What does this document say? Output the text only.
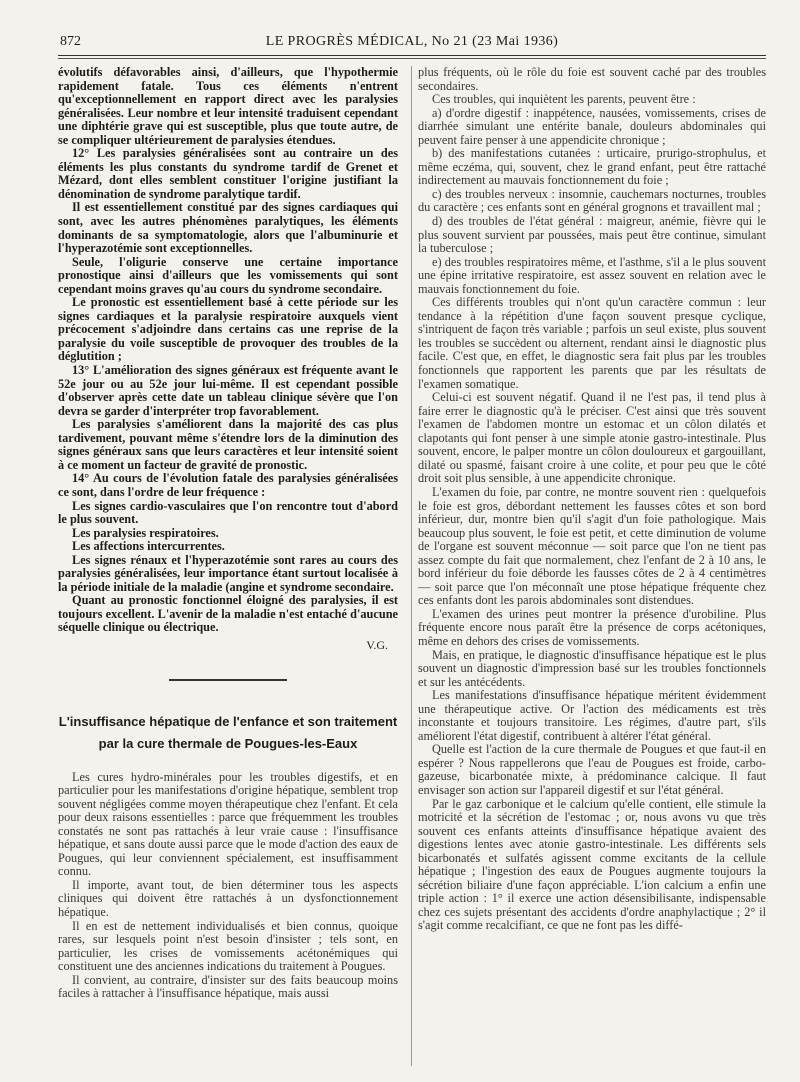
872	LE PROGRÈS MÉDICAL, No 21 (23 Mai 1936)

évolutifs défavorables ainsi, d'ailleurs, que l'hypothermie rapidement fatale. Tous ces éléments n'entrent qu'exceptionnellement en rapport direct avec les paralysies généralisées. Leur nombre et leur intensité traduisent cependant une diphtérie grave qui est susceptible, plus que toute autre, de se compliquer ultérieurement de paralysies étendues.

12° Les paralysies généralisées sont au contraire un des éléments les plus constants du syndrome tardif de Grenet et Mézard, dont elles semblent constituer l'origine justifiant la dénomination de syndrome paralytique tardif.

Il est essentiellement constitué par des signes cardiaques qui sont, avec les autres phénomènes paralytiques, les éléments dominants de sa symptomatologie, alors que l'albuminurie et l'hyperazotémie sont exceptionnelles.

Seule, l'oligurie conserve une certaine importance pronostique ainsi d'ailleurs que les vomissements qui sont cependant moins graves qu'au cours du syndrome secondaire.

Le pronostic est essentiellement basé à cette période sur les signes cardiaques et la paralysie respiratoire auxquels vient précocement s'adjoindre dans certains cas une reprise de la paralysie du voile susceptible de provoquer des troubles de la déglutition ;

13° L'amélioration des signes généraux est fréquente avant le 52e jour ou au 52e jour lui-même. Il est cependant possible d'observer après cette date un tableau clinique sévère que l'on devra se garder d'interpréter trop favorablement.

Les paralysies s'améliorent dans la majorité des cas plus tardivement, pouvant même s'étendre lors de la diminution des signes généraux sans que leurs caractères et leur intensité soient à ce moment un facteur de gravité de pronostic.

14° Au cours de l'évolution fatale des paralysies généralisées ce sont, dans l'ordre de leur fréquence :

Les signes cardio-vasculaires que l'on rencontre tout d'abord le plus souvent.

Les paralysies respiratoires.

Les affections intercurrentes.

Les signes rénaux et l'hyperazotémie sont rares au cours des paralysies généralisées, leur importance étant surtout localisée à la période initiale de la maladie (angine et syndrome secondaire.

Quant au pronostic fonctionnel éloigné des paralysies, il est toujours excellent. L'avenir de la maladie n'est entaché d'aucune séquelle clinique ou électrique.

V.G.
L'insuffisance hépatique de l'enfance et son traitement

par la cure thermale de Pougues-les-Eaux

Les cures hydro-minérales pour les troubles digestifs, et en particulier pour les manifestations d'origine hépatique, semblent trop souvent négligées comme moyen thérapeutique chez l'enfant. Et cela pour deux raisons essentielles : parce que fréquemment les troubles constatés ne sont pas rattachés à leur vraie cause : l'insuffisance hépatique, et sans doute aussi parce que le mode d'action des eaux de Pougues, qui leur conviennent spécialement, est insuffisamment connu.

Il importe, avant tout, de bien déterminer tous les aspects cliniques qui doivent être rattachés à un dysfonctionnement hépatique.

Il en est de nettement individualisés et bien connus, quoique rares, sur lesquels point n'est besoin d'insister ; tels sont, en particulier, les crises de vomissements acétonémiques qui constituent une des anciennes indications du traitement à Pougues.

Il convient, au contraire, d'insister sur des faits beaucoup moins faciles à rattacher à l'insuffisance hépatique, mais aussi

plus fréquents, où le rôle du foie est souvent caché par des troubles secondaires.

Ces troubles, qui inquiètent les parents, peuvent être :

a) d'ordre digestif : inappétence, nausées, vomissements, crises de diarrhée simulant une entérite banale, douleurs abdominales qui peuvent faire penser à une appendicite chronique ;

b) des manifestations cutanées : urticaire, prurigo-strophulus, et même eczéma, qui, souvent, chez le grand enfant, peut être rattaché indirectement au mauvais fonctionnement du foie ;

c) des troubles nerveux : insomnie, cauchemars nocturnes, troubles du caractère ; ces enfants sont en général grognons et travaillent mal ;

d) des troubles de l'état général : maigreur, anémie, fièvre qui le plus souvent survient par poussées, mais peut être continue, simulant la tuberculose ;

e) des troubles respiratoires même, et l'asthme, s'il a le plus souvent une épine irritative respiratoire, est assez souvent en relation avec le mauvais fonctionnement du foie.

Ces différents troubles qui n'ont qu'un caractère commun : leur tendance à la répétition d'une façon souvent presque cyclique, s'intriquent de façon très variable ; parfois un seul existe, plus souvent les troubles se succèdent ou alternent, rendant ainsi le diagnostic plus facile. C'est que, en effet, le diagnostic sera fait plus par les troubles fonctionnels que rapportent les parents que par les résultats de l'examen somatique.

Celui-ci est souvent négatif. Quand il ne l'est pas, il tend plus à faire errer le diagnostic qu'à le préciser. C'est ainsi que très souvent l'examen de l'abdomen montre un estomac et un côlon dilatés et clapotants qui font penser à une simple atonie gastro-intestinale. Plus souvent, encore, le palper montre un côlon douloureux et gargouillant, dilaté ou spasmé, faisant croire à une colite, et pour peu que le côté droit soit plus sensible, à une appendicite chronique.

L'examen du foie, par contre, ne montre souvent rien : quelquefois le foie est gros, débordant nettement les fausses côtes et son bord inférieur, dur, montre bien qu'il s'agit d'un foie pathologique. Mais beaucoup plus souvent, le foie est petit, et cette diminution de volume de l'organe est souvent méconnue — soit parce que l'on ne tient pas assez compte du fait que normalement, chez l'enfant de 2 à 10 ans, le bord inférieur du foie déborde les fausses côtes de 2 à 4 centimètres — soit parce que l'on méconnaît une ptose hépatique fréquente chez ces enfants dont les parois abdominales sont distendues.

L'examen des urines peut montrer la présence d'urobiline. Plus fréquente encore nous paraît être la présence de corps acétoniques, même en dehors des crises de vomissements.

Mais, en pratique, le diagnostic d'insuffisance hépatique est le plus souvent un diagnostic d'impression basé sur les troubles fonctionnels et sur les antécédents.

Les manifestations d'insuffisance hépatique méritent évidemment une thérapeutique active. Or l'action des médicaments est très inconstante et toujours transitoire. Les régimes, d'autre part, s'ils améliorent l'état digestif, contribuent à altérer l'état général.

Quelle est l'action de la cure thermale de Pougues et que faut-il en espérer ? Nous rappellerons que l'eau de Pougues est froide, carbo-gazeuse, bicarbonatée mixte, à prédominance calcique. Il faut envisager son action sur l'appareil digestif et sur l'état général.

Par le gaz carbonique et le calcium qu'elle contient, elle stimule la motricité et la sécrétion de l'estomac ; or, nous avons vu que très souvent ces enfants atteints d'insuffisance hépatique avaient des digestions lentes avec atonie gastro-intestinale. Les différents sels bicarbonatés et sulfatés agissent comme excitants de la cellule hépatique ; l'ingestion des eaux de Pougues augmente toujours la sécrétion biliaire d'une façon appréciable. L'ion calcium a enfin une triple action : 1° il exerce une action désensibilisante, indispensable chez ces sujets présentant des accidents d'ordre anaphylactique ; 2° il s'agit comme recalcifiant, ce que ne font pas les diffé-
